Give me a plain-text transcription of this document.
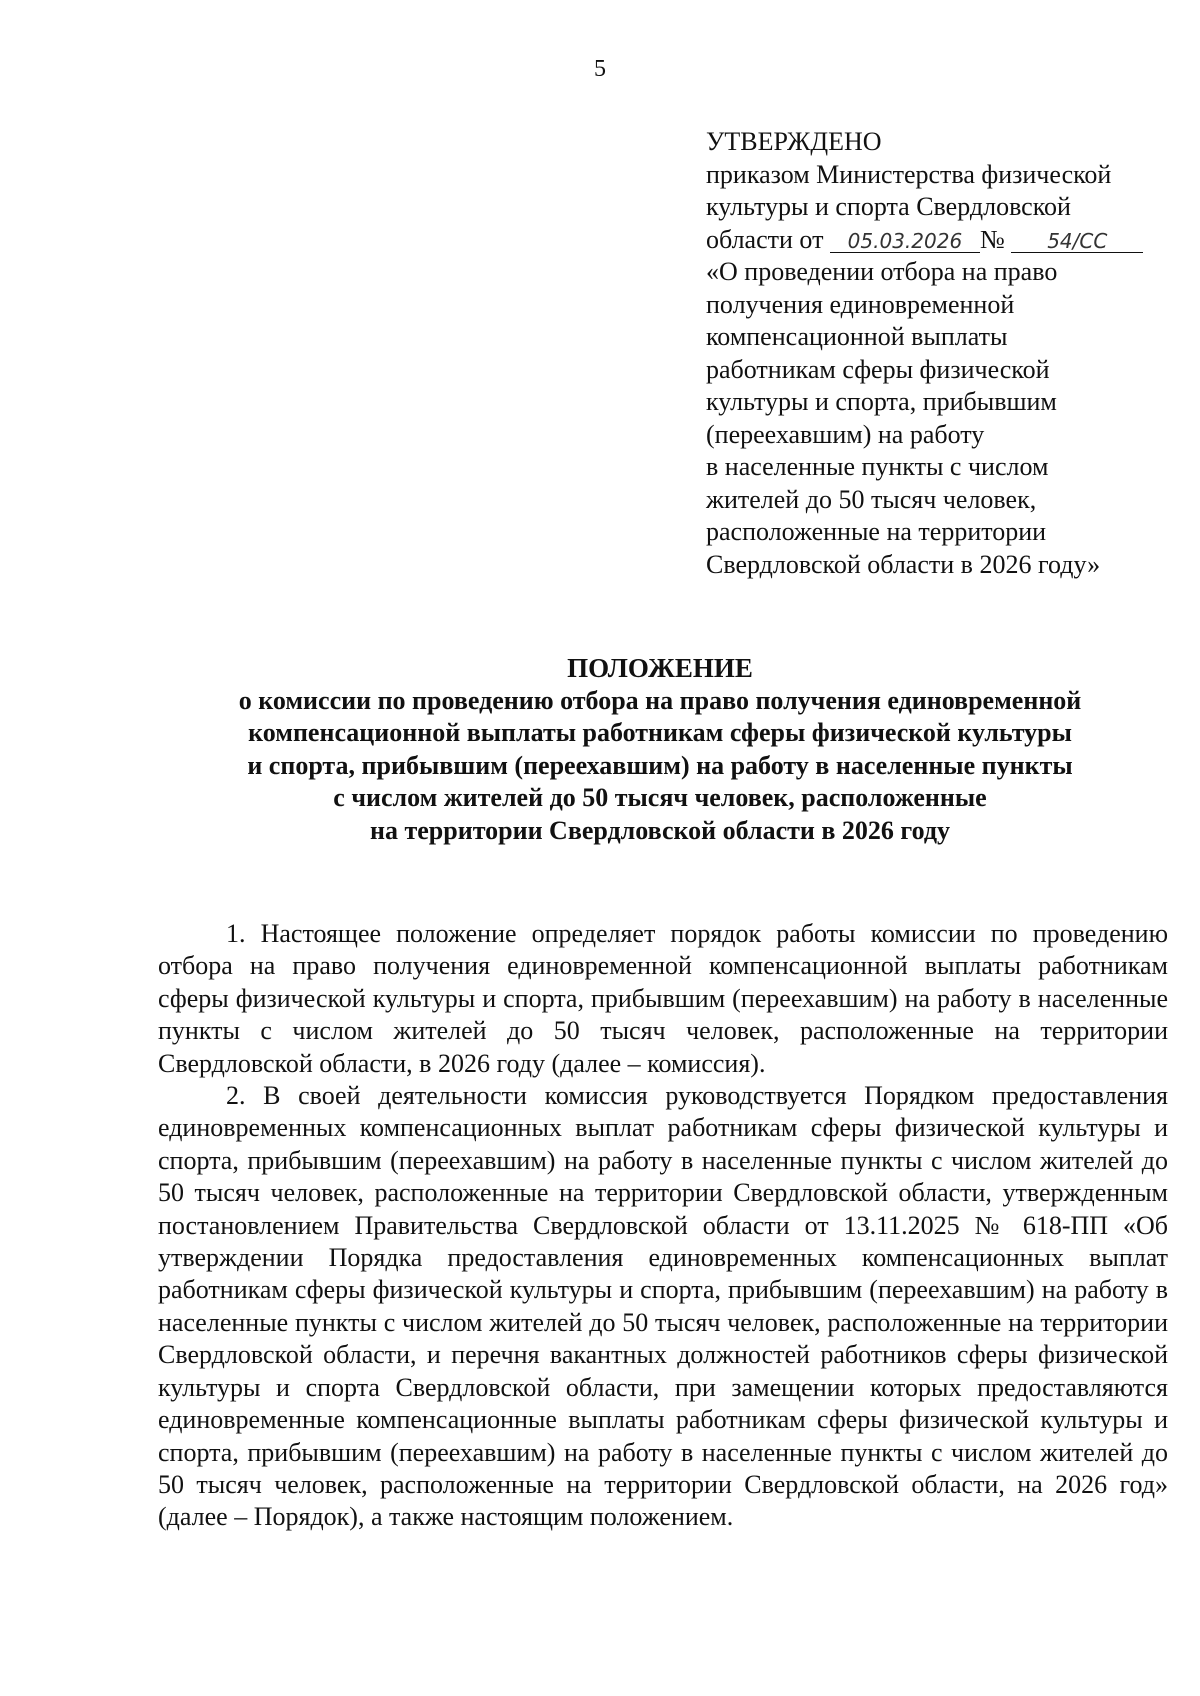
5
УТВЕРЖДЕНО
приказом Министерства физической
культуры и спорта Свердловской
области от 05.03.2026 № 54/СС
«О проведении отбора на право
получения единовременной
компенсационной выплаты
работникам сферы физической
культуры и спорта, прибывшим
(переехавшим) на работу
в населенные пункты с числом
жителей до 50 тысяч человек,
расположенные на территории
Свердловской области в 2026 году»
ПОЛОЖЕНИЕ
о комиссии по проведению отбора на право получения единовременной
компенсационной выплаты работникам сферы физической культуры
и спорта, прибывшим (переехавшим) на работу в населенные пункты
с числом жителей до 50 тысяч человек, расположенные
на территории Свердловской области в 2026 году

1. Настоящее положение определяет порядок работы комиссии по проведению отбора на право получения единовременной компенсационной выплаты работникам сферы физической культуры и спорта, прибывшим (переехавшим) на работу в населенные пункты с числом жителей до 50 тысяч человек, расположенные на территории Свердловской области, в 2026 году (далее – комиссия).

2. В своей деятельности комиссия руководствуется Порядком предоставления единовременных компенсационных выплат работникам сферы физической культуры и спорта, прибывшим (переехавшим) на работу в населенные пункты с числом жителей до 50 тысяч человек, расположенные на территории Свердловской области, утвержденным постановлением Правительства Свердловской области от 13.11.2025 № 618-ПП «Об утверждении Порядка предоставления единовременных компенсационных выплат работникам сферы физической культуры и спорта, прибывшим (переехавшим) на работу в населенные пункты с числом жителей до 50 тысяч человек, расположенные на территории Свердловской области, и перечня вакантных должностей работников сферы физической культуры и спорта Свердловской области, при замещении которых предоставляются единовременные компенсационные выплаты работникам сферы физической культуры и спорта, прибывшим (переехавшим) на работу в населенные пункты с числом жителей до 50 тысяч человек, расположенные на территории Свердловской области, на 2026 год» (далее – Порядок), а также настоящим положением.
